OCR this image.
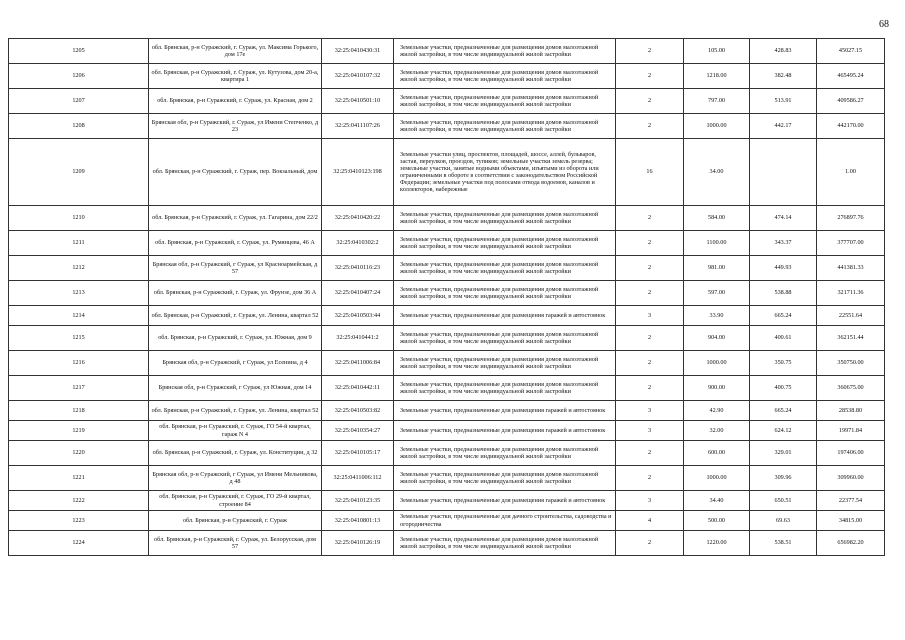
68
1205	обл. Брянская, р-н Суражский, г. Сураж, ул. Максима Горького, дом 17е	32:25:0410430:31	Земельные участки, предназначенные для размещения домов малоэтажной жилой застройки, в том числе индивидуальной жилой застройки	2	105.00	428.83	45027.15
1206	обл. Брянская, р-н Суражский, г. Сураж, ул. Кутузова, дом 20-а, квартира 1	32:25:0410107:32	Земельные участки, предназначенные для размещения домов малоэтажной жилой застройки, в том числе индивидуальной жилой застройки	2	1218.00	382.48	465495.24
1207	обл. Брянская, р-н Суражский, г. Сураж, ул. Красная, дом 2	32:25:0410501:10	Земельные участки, предназначенные для размещения домов малоэтажной жилой застройки, в том числе индивидуальной жилой застройки	2	797.00	513.91	409586.27
1208	Брянская обл, р-н Суражский, г. Сураж, ул Имени Степченко, д 23	32:25:0411107:26	Земельные участки, предназначенные для размещения домов малоэтажной жилой застройки, в том числе индивидуальной жилой застройки	2	1000.00	442.17	442170.00
1209	обл. Брянская, р-н Суражский, г. Сураж, пер. Вокзальный, дом	32:25:0410123:198	Земельные участки улиц, проспектов, площадей, шоссе, аллей, бульваров, застав, переулков, проездов, тупиков; земельные участки земель резерва; земельные участки, занятые водными объектами, изъятыми из оборота или ограниченными в обороте в соответствии с законодательством Российской Федерации; земельные участки под полосами отвода водоемов, каналов и коллекторов, набережные	16	34.00		1.00
1210	обл. Брянская, р-н Суражский, г. Сураж, ул. Гагарина, дом 22/2	32:25:0410420:22	Земельные участки, предназначенные для размещения домов малоэтажной жилой застройки, в том числе индивидуальной жилой застройки	2	584.00	474.14	276897.76
1211	обл. Брянская, р-н Суражский, г. Сураж, ул. Румянцева, 46 А	32:25:0410302:2	Земельные участки, предназначенные для размещения домов малоэтажной жилой застройки, в том числе индивидуальной жилой застройки	2	1100.00	343.37	377707.00
1212	Брянская обл, р-н Суражский, г Сураж, ул Красноармейская, д 57	32:25:0410116:23	Земельные участки, предназначенные для размещения домов малоэтажной жилой застройки, в том числе индивидуальной жилой застройки	2	981.00	449.93	441381.33
1213	обл. Брянская, р-н Суражский, г. Сураж, ул. Фрунзе, дом 36 А	32:25:0410407:24	Земельные участки, предназначенные для размещения домов малоэтажной жилой застройки, в том числе индивидуальной жилой застройки	2	597.00	538.88	321711.36
1214	обл. Брянская, р-н Суражский, г. Сураж, ул. Ленина, квартал 52	32:25:0410503:44	Земельные участки, предназначенные для размещения гаражей и автостоянок	3	33.90	665.24	22551.64
1215	обл. Брянская, р-н Суражский, г. Сураж, ул. Южная, дом 9	32:25:0410441:2	Земельные участки, предназначенные для размещения домов малоэтажной жилой застройки, в том числе индивидуальной жилой застройки	2	904.00	400.61	362151.44
1216	Брянская обл, р-н Суражский, г Сураж, ул Есенина, д 4	32:25:0411006:84	Земельные участки, предназначенные для размещения домов малоэтажной жилой застройки, в том числе индивидуальной жилой застройки	2	1000.00	350.75	350750.00
1217	Брянская обл, р-н Суражский, г Сураж, ул Южная, дом 14	32:25:0410442:11	Земельные участки, предназначенные для размещения домов малоэтажной жилой застройки, в том числе индивидуальной жилой застройки	2	900.00	400.75	360675.00
1218	обл. Брянская, р-н Суражский, г. Сураж, ул. Ленина, квартал 52	32:25:0410503:82	Земельные участки, предназначенные для размещения гаражей и автостоянок	3	42.90	665.24	28538.80
1219	обл. Брянская, р-н Суражский, г. Сураж, ГО 54-й квартал, гараж N 4	32:25:0410354:27	Земельные участки, предназначенные для размещения гаражей и автостоянок	3	32.00	624.12	19971.84
1220	обл. Брянская, р-н Суражский, г. Сураж, ул. Конституции, д 32	32:25:0410105:17	Земельные участки, предназначенные для размещения домов малоэтажной жилой застройки, в том числе индивидуальной жилой застройки	2	600.00	329.01	197406.00
1221	Брянская обл, р-н Суражский, г Сураж, ул Имени Мельникова, д 48	32:25:0411006:112	Земельные участки, предназначенные для размещения домов малоэтажной жилой застройки, в том числе индивидуальной жилой застройки	2	1000.00	309.96	309960.00
1222	обл. Брянская, р-н Суражский, г. Сураж, ГО 29-й квартал, строение 84	32:25:0410123:35	Земельные участки, предназначенные для размещения гаражей и автостоянок	3	34.40	650.51	22377.54
1223	обл. Брянская, р-н Суражский, г. Сураж	32:25:0410801:13	Земельные участки, предназначенные для дачного строительства, садоводства и огородничества	4	500.00	69.63	34815.00
1224	обл. Брянская, р-н Суражский, г. Сураж, ул. Белорусская, дом 57	32:25:0410126:19	Земельные участки, предназначенные для размещения домов малоэтажной жилой застройки, в том числе индивидуальной жилой застройки	2	1220.00	538.51	656982.20
